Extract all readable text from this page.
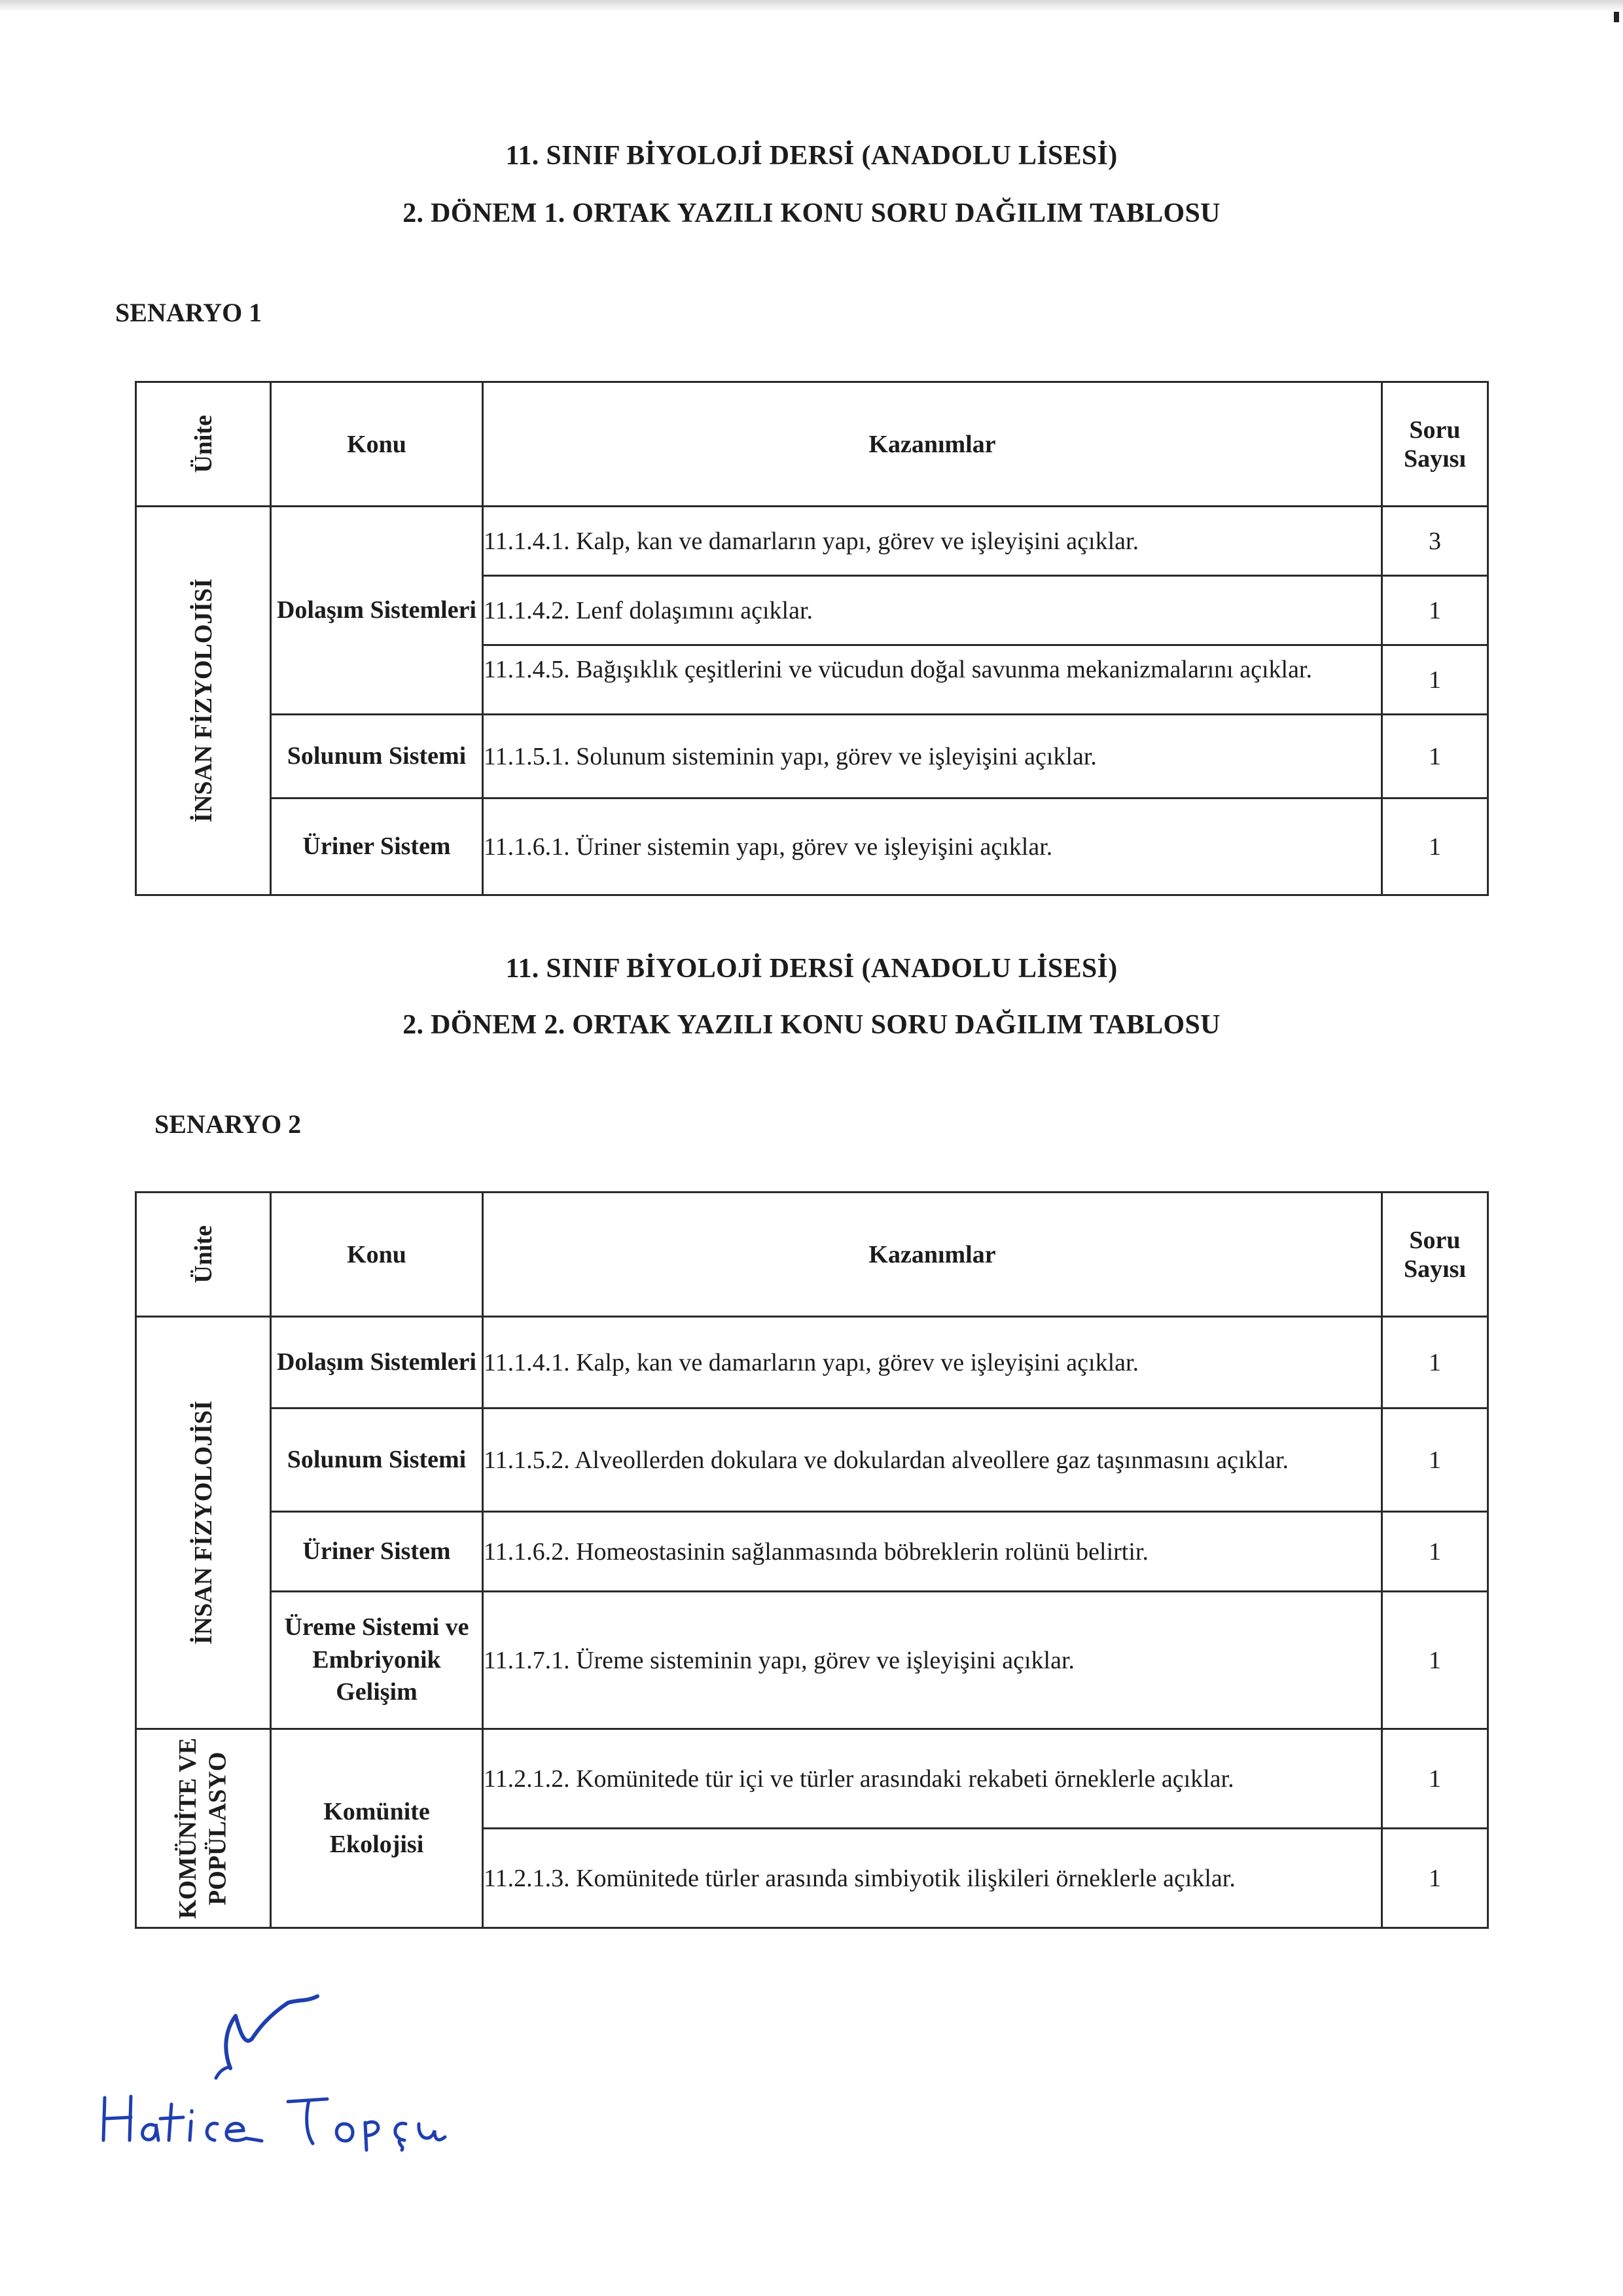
11. SINIF BİYOLOJİ DERSİ (ANADOLU LİSESİ)
2. DÖNEM 1. ORTAK YAZILI KONU SORU DAĞILIM TABLOSU
SENARYO 1
Ünite	Konu	Kazanımlar	Soru Sayısı

İNSAN FİZYOLOJİSİ	Dolaşım Sistemleri	11.1.4.1. Kalp, kan ve damarların yapı, görev ve işleyişini açıklar.	3
		11.1.4.2. Lenf dolaşımını açıklar.	1
		11.1.4.5. Bağışıklık çeşitlerini ve vücudun doğal savunma mekanizmalarını açıklar.	1
	Solunum Sistemi	11.1.5.1. Solunum sisteminin yapı, görev ve işleyişini açıklar.	1
	Üriner Sistem	11.1.6.1. Üriner sistemin yapı, görev ve işleyişini açıklar.	1
11. SINIF BİYOLOJİ DERSİ (ANADOLU LİSESİ)
2. DÖNEM 2. ORTAK YAZILI KONU SORU DAĞILIM TABLOSU
SENARYO 2
Ünite	Konu	Kazanımlar	Soru Sayısı

İNSAN FİZYOLOJİSİ	Dolaşım Sistemleri	11.1.4.1. Kalp, kan ve damarların yapı, görev ve işleyişini açıklar.	1
	Solunum Sistemi	11.1.5.2. Alveollerden dokulara ve dokulardan alveollere gaz taşınmasını açıklar.	1
	Üriner Sistem	11.1.6.2. Homeostasinin sağlanmasında böbreklerin rolünü belirtir.	1
	Üreme Sistemi ve Embriyonik Gelişim	11.1.7.1. Üreme sisteminin yapı, görev ve işleyişini açıklar.	1

KOMÜNİTE VE POPÜLASYO	Komünite Ekolojisi	11.2.1.2. Komünitede tür içi ve türler arasındaki rekabeti örneklerle açıklar.	1
		11.2.1.3. Komünitede türler arasında simbiyotik ilişkileri örneklerle açıklar.	1
